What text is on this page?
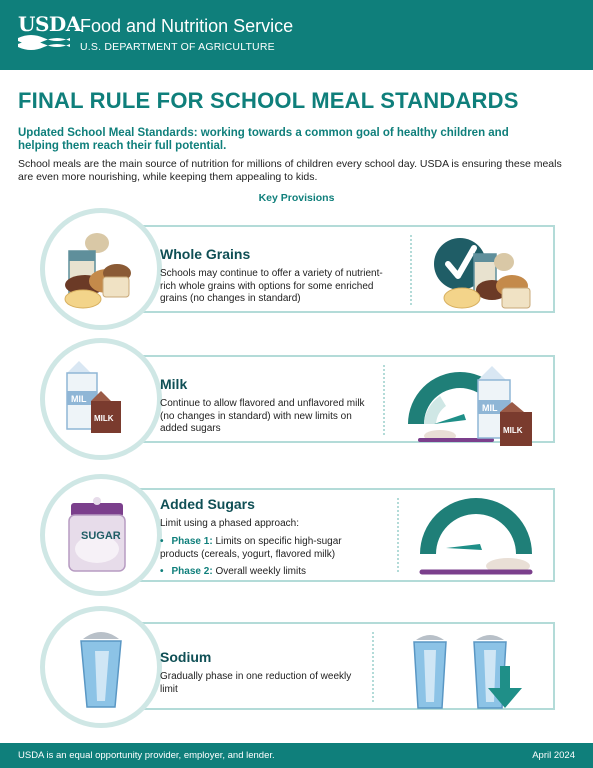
USDA Food and Nutrition Service
U.S. DEPARTMENT OF AGRICULTURE
FINAL RULE FOR SCHOOL MEAL STANDARDS
Updated School Meal Standards: working towards a common goal of healthy children and helping them reach their full potential.
School meals are the main source of nutrition for millions of children every school day. USDA is ensuring these meals are even more nourishing, while keeping them appealing to kids.
Key Provisions
Whole Grains
Schools may continue to offer a variety of nutrient-rich whole grains with options for some enriched grains (no changes in standard)
MIL
MILK
Milk
Continue to allow flavored and unflavored milk (no changes in standard) with new limits on added sugars
MIL
MILK
SUGAR
Added Sugars
Limit using a phased approach:
• Phase 1: Limits on specific high-sugar products (cereals, yogurt, flavored milk)
• Phase 2: Overall weekly limits
Sodium
Gradually phase in one reduction of weekly limit
USDA is an equal opportunity provider, employer, and lender.	April 2024
